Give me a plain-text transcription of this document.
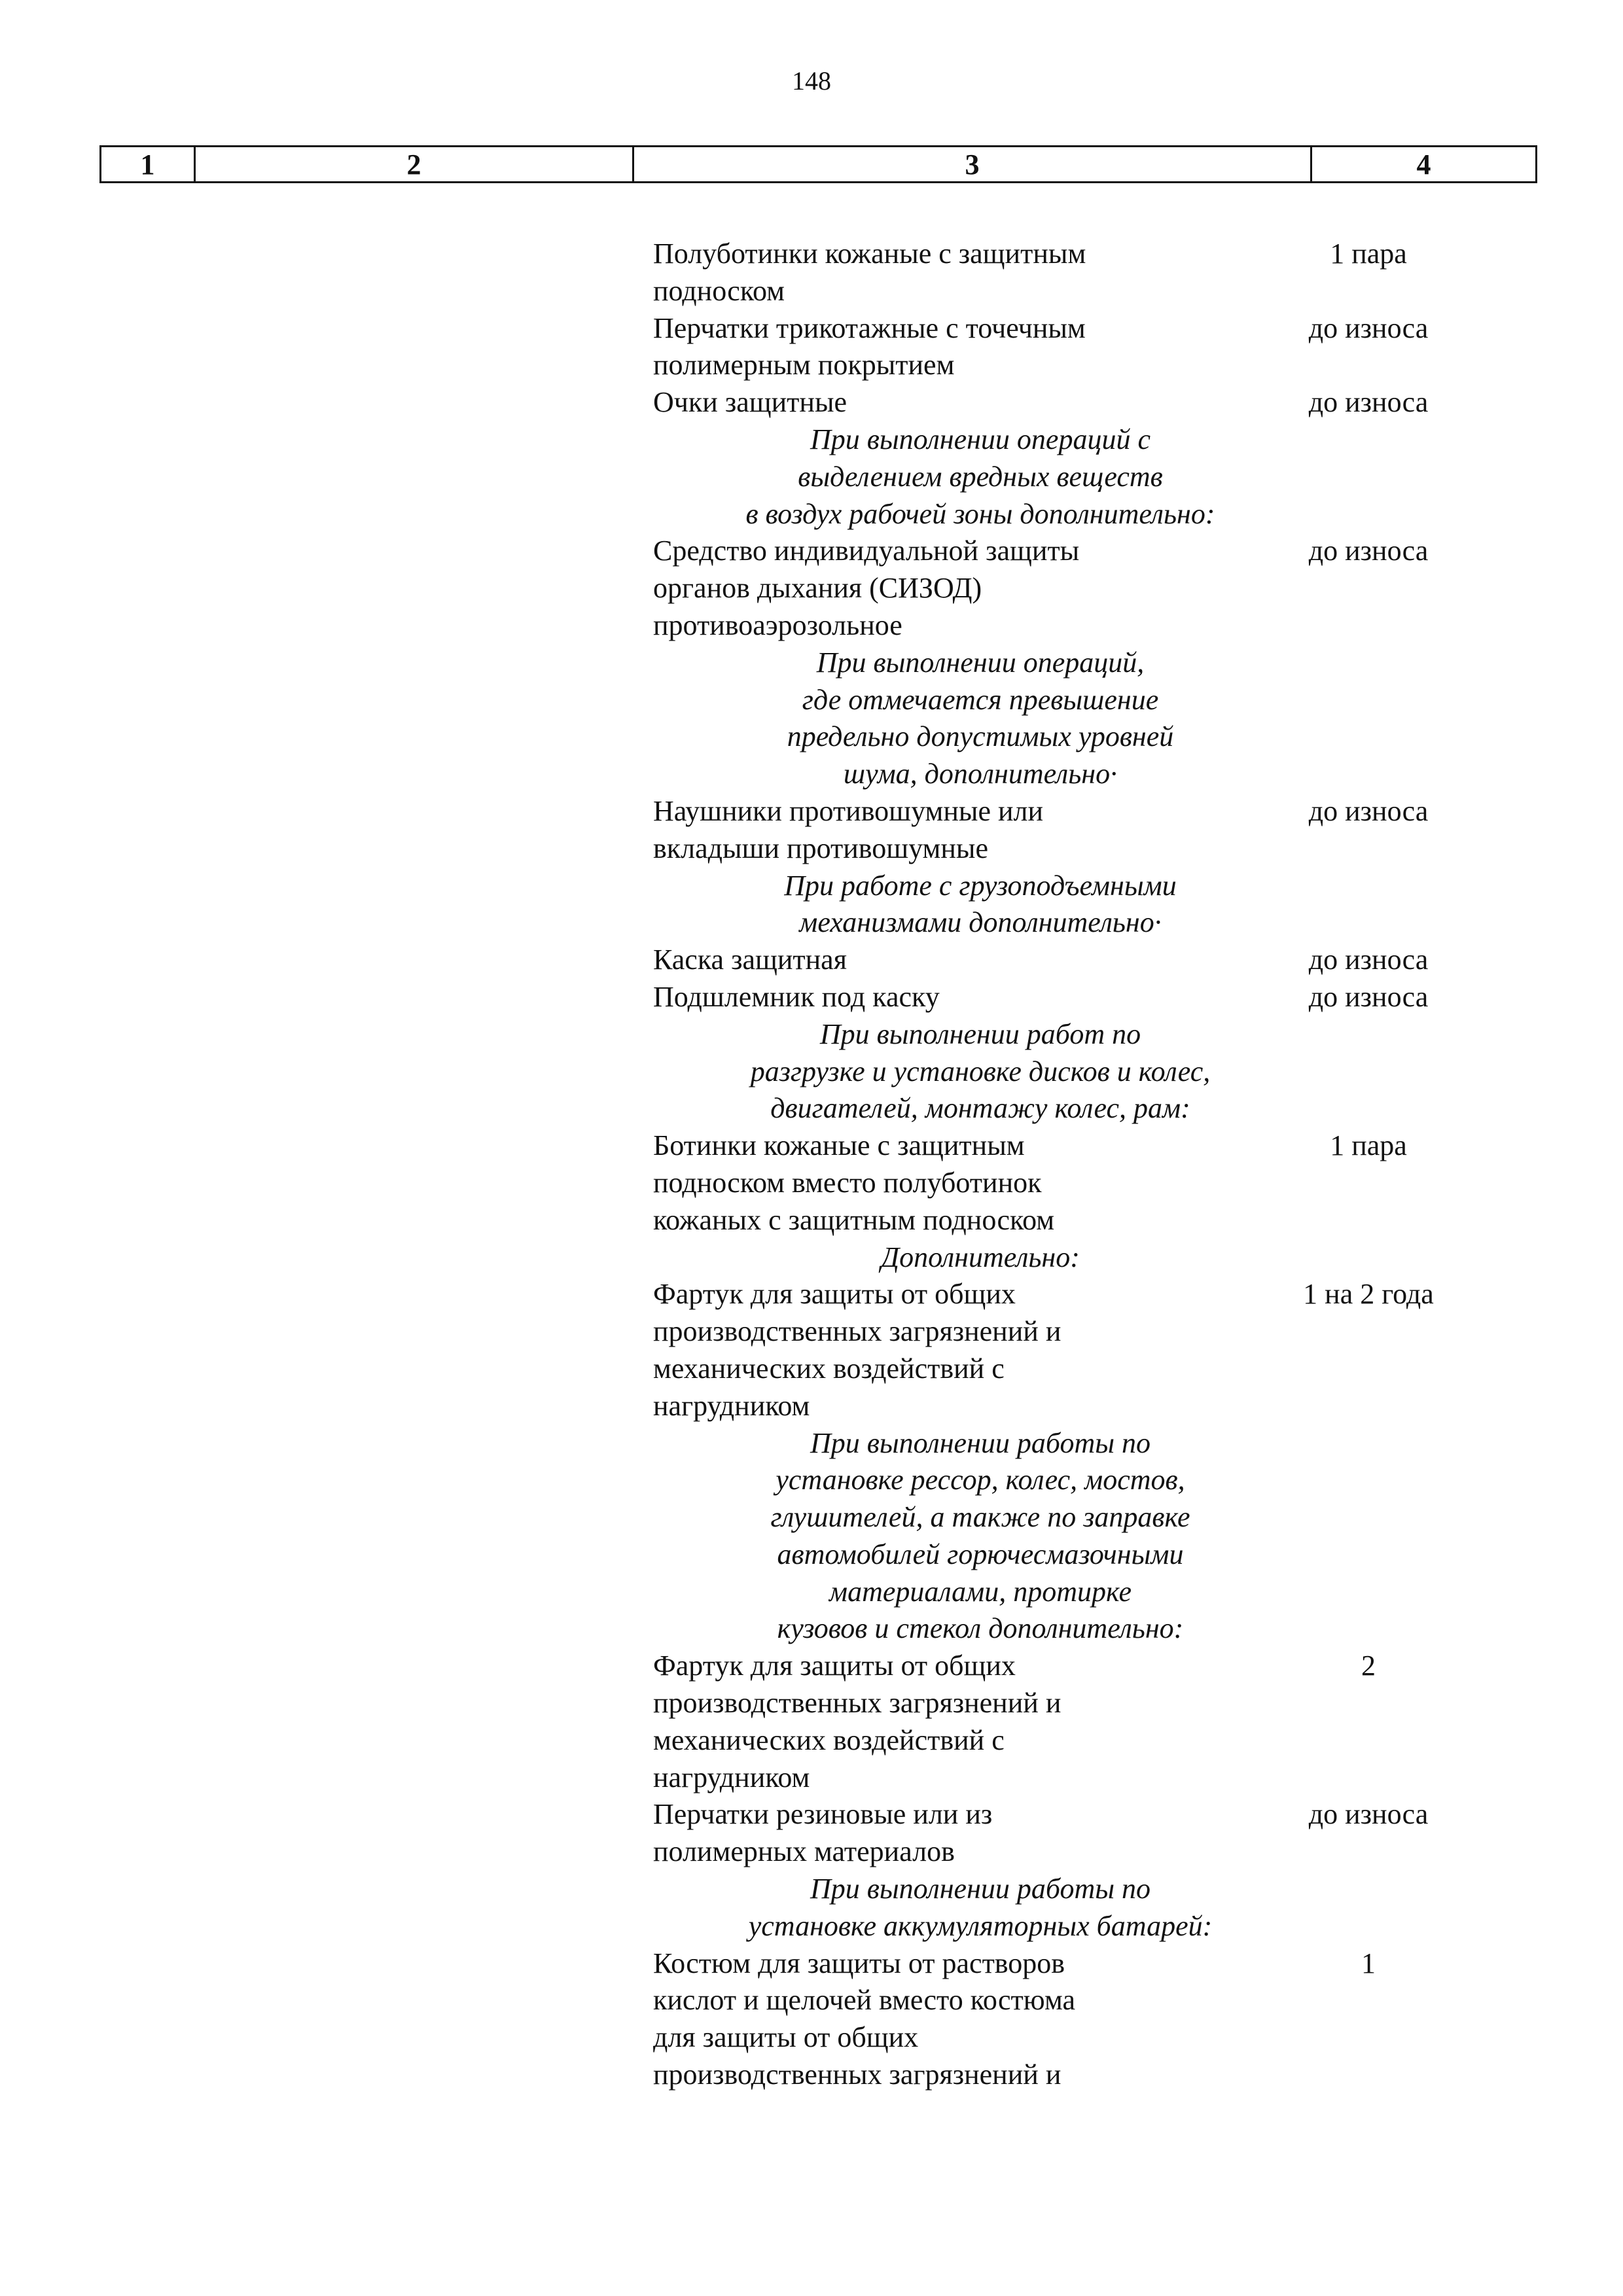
148
1	2	3	4
Полуботинки кожаные с защитным	1 пара
подноском
Перчатки трикотажные с точечным	до износа
полимерным покрытием
Очки защитные	до износа
При выполнении операций с
выделением вредных веществ
в воздух рабочей зоны дополнительно:
Средство индивидуальной защиты	до износа
органов дыхания (СИЗОД)
противоаэрозольное
При выполнении операций,
где отмечается превышение
предельно допустимых уровней
шума, дополнительно·
Наушники противошумные или	до износа
вкладыши противошумные
При работе с грузоподъемными
механизмами дополнительно·
Каска защитная	до износа
Подшлемник под каску	до износа
При выполнении работ по
разгрузке и установке дисков и колес,
двигателей, монтажу колес, рам:
Ботинки кожаные с защитным	1 пара
подноском вместо полуботинок
кожаных с защитным подноском
Дополнительно:
Фартук для защиты от общих	1 на 2 года
производственных загрязнений и
механических воздействий с
нагрудником
При выполнении работы по
установке рессор, колес, мостов,
глушителей, а также по заправке
автомобилей горючесмазочными
материалами, протирке
кузовов и стекол дополнительно:
Фартук для защиты от общих	2
производственных загрязнений и
механических воздействий с
нагрудником
Перчатки резиновые или из	до износа
полимерных материалов
При выполнении работы по
установке аккумуляторных батарей:
Костюм для защиты от растворов	1
кислот и щелочей вместо костюма
для защиты от общих
производственных загрязнений и
